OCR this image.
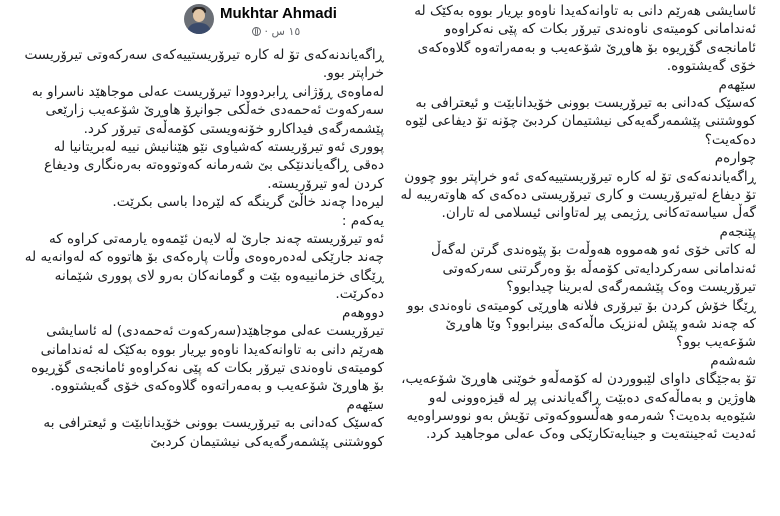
ئاسایشی هەرێم دانی بە تاوانەکەیدا ناوەو بڕیار بووە بەکێک لە ئەندامانی کومیتەی ناوەندی تیرۆر بکات کە پێی نەکراوەو ئامانجەی گۆڕیوە بۆ هاوڕێ شۆعەیب و بەمەراتەوە گلاوەکەی خۆی گەیشتووە.

سێهەم

کەسێک کەدانی بە تیرۆریست بوونی خۆیدانابێت و ئیعترافی بە کووشتنی پێشمەرگەیەکی نیشتیمان کردبێ چۆنە تۆ دیفاعی لێوە دەکەیت؟

چوارەم

ڕاگەیاندنەکەی تۆ لە کارە تیرۆریستییەکەی ئەو خراپتر بوو چوون تۆ دیفاع لەتیرۆریست و کاری تیرۆریستی دەکەی کە هاوتەریبە لە گەڵ سیاسەتەکانی ڕژیمی پڕ لەتاوانی ئیسلامی لە تاران.

پێنجەم

لە کاتی خۆی ئەو هەمووە هەوڵەت بۆ پێوەندی گرتن لەگەڵ ئەندامانی سەرکردایەتی کۆمەڵە بۆ وەرگرتنی سەرکەوتی تیرۆریست وەک پێشمەرگەی لەبرینا چیدابوو؟

ڕێگا خۆش کردن بۆ تیرۆری فلانە هاوڕێی کومیتەی ناوەندی بوو کە چەند شەو پێش لەنزیک ماڵەکەی بینرابوو؟ وێا هاوڕێ شۆعەیب بوو؟

شەشەم

تۆ بەجێگای داوای لێبووردن لە کۆمەڵەو خوێنی هاوڕێ شۆعەیب، هاوژین و بەماڵەکەی دەبێت ڕاگەیاندنی پڕ لە قیزەوونی لەو شێوەیە بدەیت؟ شەرمەو هەڵسووکەوتی تۆیش بەو نووسراوەیە ئەدیت ئەجینتەیت و جینایەتکارێکی وەک عەلی موجاهید کرد.

Mukhtar Ahmadi
١٥ س ·

ڕاگەیاندنەکەی تۆ لە کارە تیرۆریستییەکەی سەرکەوتی تیرۆریست خراپتر بوو.

لەماوەی ڕۆژانی ڕابردوودا تیرۆریست عەلی موجاهێد ناسراو بە سەرکەوت ئەحمەدی خەڵکی جوانڕۆ هاوڕێ شۆعەیب زارێعی پێشمەرگەی فیداکارو خۆنەویستی کۆمەڵەی تیرۆر کرد.

پووری ئەو تیرۆریستە کەشیاوی نێو هێنانیش نییە لەبریتانیا لە دەقی ڕاگەیاندنێکی بێ شەرمانە کەوتووەتە بەرەنگاری ودیفاع کردن لەو تیرۆریستە.

لیرەدا چەند خاڵێ گرینگە کە لێرەدا باسی بکرێت.

یەکەم :

ئەو تیرۆریستە چەند جارێ لە لایەن ئێمەوە یارمەتی کراوە کە چەند جارێکی لەدەرەوەی وڵات پارەکەی بۆ هاتووە کە لەوانەیە لە ڕێگای خزمانییەوە بێت و گومانەکان بەرو لای پووری شێمانە دەکرێت.

دووهەم

تیرۆریست عەلی موجاهێد(سەرکەوت ئەحمەدی) لە ئاسایشی هەرێم دانی بە تاوانەکەیدا ناوەو بڕیار بووە بەکێک لە ئەندامانی کومیتەی ناوەندی تیرۆر بکات کە پێی نەکراوەو ئامانجەی گۆڕیوە بۆ هاوڕێ شۆعەیب و بەمەراتەوە گلاوەکەی خۆی گەیشتووە.

سێهەم

کەسێک کەدانی بە تیرۆریست بوونی خۆیدانابێت و ئیعترافی بە کووشتنی پێشمەرگەیەکی نیشتیمان کردبێ
